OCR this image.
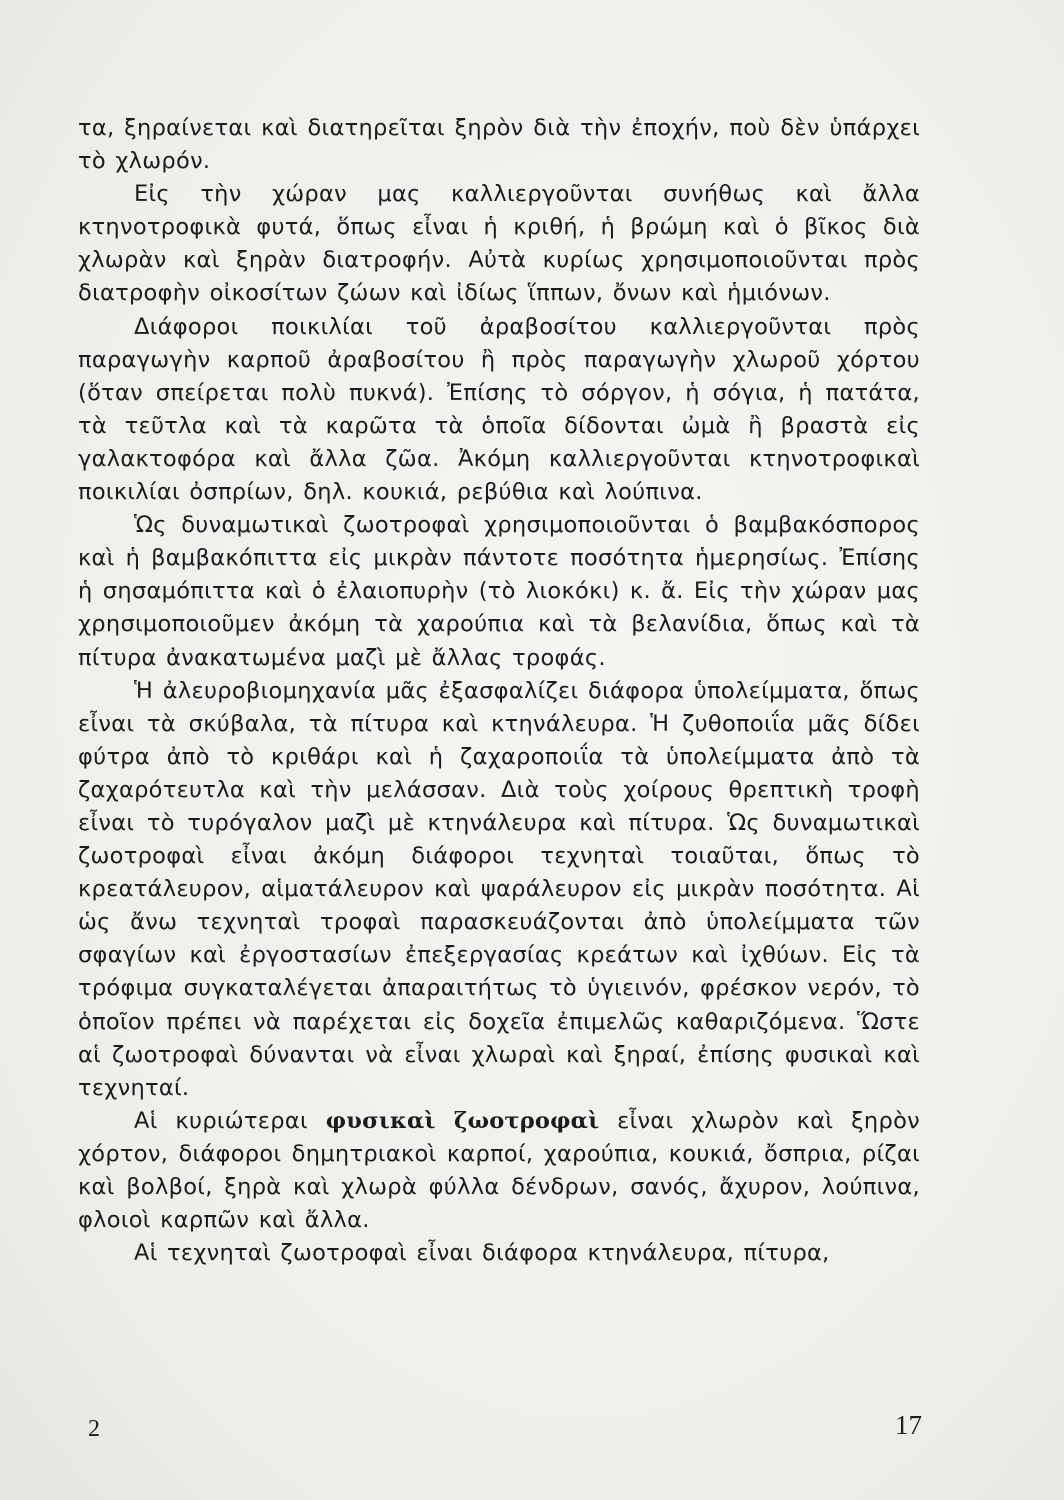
τα, ξηραίνεται καὶ διατηρεῖται ξηρὸν διὰ τὴν ἐποχήν, ποὺ δὲν ὑπάρχει τὸ χλωρόν.

Εἰς τὴν χώραν μας καλλιεργοῦνται συνήθως καὶ ἄλλα κτηνοτροφικὰ φυτά, ὅπως εἶναι ἡ κριθή, ἡ βρώμη καὶ ὁ βῖκος διὰ χλωρὰν καὶ ξηρὰν διατροφήν. Αὐτὰ κυρίως χρησιμοποιοῦνται πρὸς διατροφὴν οἰκοσίτων ζώων καὶ ἰδίως ἵππων, ὄνων καὶ ἡμιόνων.

Διάφοροι ποικιλίαι τοῦ ἀραβοσίτου καλλιεργοῦνται πρὸς παραγωγὴν καρποῦ ἀραβοσίτου ἢ πρὸς παραγωγὴν χλωροῦ χόρτου (ὅταν σπείρεται πολὺ πυκνά). Ἐπίσης τὸ σόργον, ἡ σόγια, ἡ πατάτα, τὰ τεῦτλα καὶ τὰ καρῶτα τὰ ὁποῖα δίδονται ὠμὰ ἢ βραστὰ εἰς γαλακτοφόρα καὶ ἄλλα ζῶα. Ἀκόμη καλλιεργοῦνται κτηνοτροφικαὶ ποικιλίαι ὀσπρίων, δηλ. κουκιά, ρεβύθια καὶ λούπινα.

Ὡς δυναμωτικαὶ ζωοτροφαὶ χρησιμοποιοῦνται ὁ βαμβακόσπορος καὶ ἡ βαμβακόπιττα εἰς μικρὰν πάντοτε ποσότητα ἡμερησίως. Ἐπίσης ἡ σησαμόπιττα καὶ ὁ ἐλαιοπυρὴν (τὸ λιοκόκι) κ. ἄ. Εἰς τὴν χώραν μας χρησιμοποιοῦμεν ἀκόμη τὰ χαρούπια καὶ τὰ βελανίδια, ὅπως καὶ τὰ πίτυρα ἀνακατωμένα μαζὶ μὲ ἄλλας τροφάς.

Ἡ ἀλευροβιομηχανία μᾶς ἐξασφαλίζει διάφορα ὑπολείμματα, ὅπως εἶναι τὰ σκύβαλα, τὰ πίτυρα καὶ κτηνάλευρα. Ἡ ζυθοποιΐα μᾶς δίδει φύτρα ἀπὸ τὸ κριθάρι καὶ ἡ ζαχαροποιΐα τὰ ὑπολείμματα ἀπὸ τὰ ζαχαρότευτλα καὶ τὴν μελάσσαν. Διὰ τοὺς χοίρους θρεπτικὴ τροφὴ εἶναι τὸ τυρόγαλον μαζὶ μὲ κτηνάλευρα καὶ πίτυρα. Ὡς δυναμωτικαὶ ζωοτροφαὶ εἶναι ἀκόμη διάφοροι τεχνηταὶ τοιαῦται, ὅπως τὸ κρεατάλευρον, αἱματάλευρον καὶ ψαράλευρον εἰς μικρὰν ποσότητα. Αἱ ὡς ἄνω τεχνηταὶ τροφαὶ παρασκευάζονται ἀπὸ ὑπολείμματα τῶν σφαγίων καὶ ἐργοστασίων ἐπεξεργασίας κρεάτων καὶ ἰχθύων. Εἰς τὰ τρόφιμα συγκαταλέγεται ἀπαραιτήτως τὸ ὑγιεινόν, φρέσκον νερόν, τὸ ὁποῖον πρέπει νὰ παρέχεται εἰς δοχεῖα ἐπιμελῶς καθαριζόμενα. Ὥστε αἱ ζωοτροφαὶ δύνανται νὰ εἶναι χλωραὶ καὶ ξηραί, ἐπίσης φυσικαὶ καὶ τεχνηταί.

Αἱ κυριώτεραι φυσικαὶ ζωοτροφαὶ εἶναι χλωρὸν καὶ ξηρὸν χόρτον, διάφοροι δημητριακοὶ καρποί, χαρούπια, κουκιά, ὄσπρια, ρίζαι καὶ βολβοί, ξηρὰ καὶ χλωρὰ φύλλα δένδρων, σανός, ἄχυρον, λούπινα, φλοιοὶ καρπῶν καὶ ἄλλα.

Αἱ τεχνηταὶ ζωοτροφαὶ εἶναι διάφορα κτηνάλευρα, πίτυρα,

2	17
